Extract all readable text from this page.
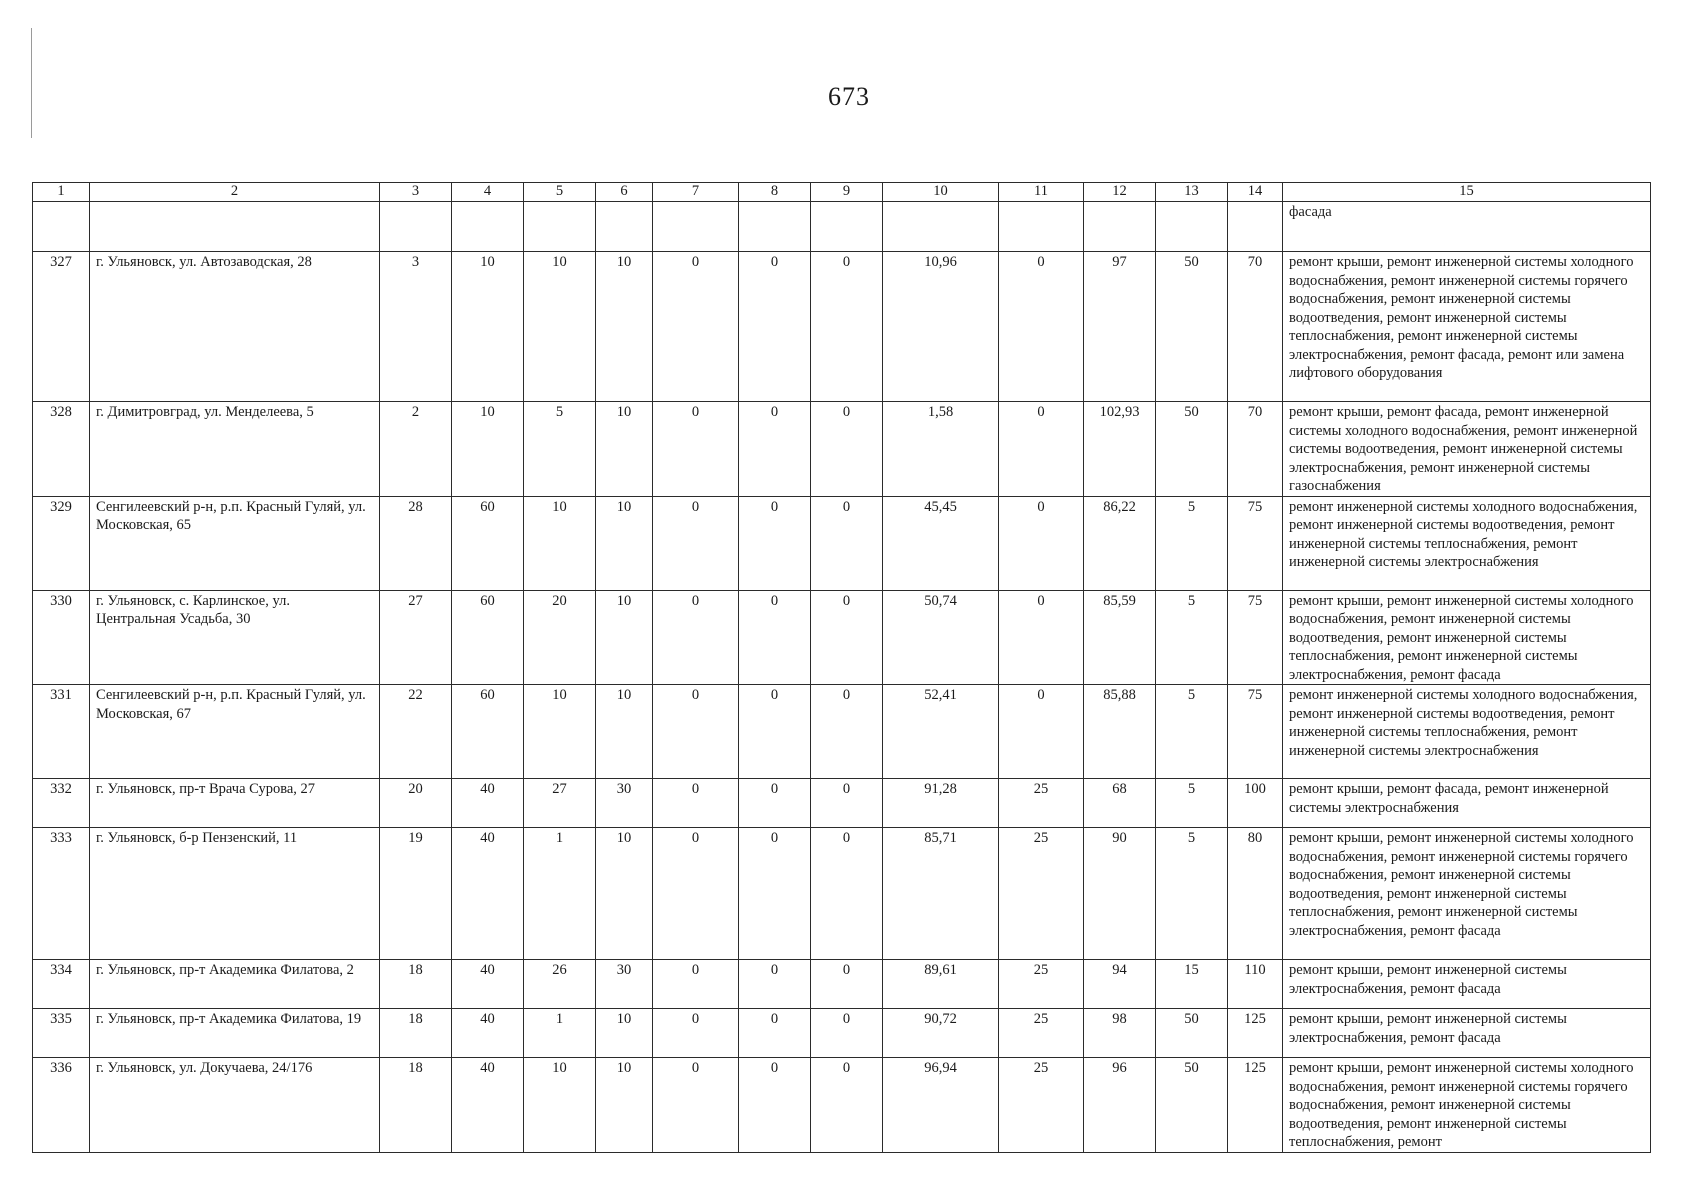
673
1	2	3	4	5	6	7	8	9	10	11	12	13	14	15
														фасада
327	г. Ульяновск, ул. Автозаводская, 28	3	10	10	10	0	0	0	10,96	0	97	50	70	ремонт крыши, ремонт инженерной системы холодного водоснабжения, ремонт инженерной системы горячего водоснабжения, ремонт инженерной системы водоотведения, ремонт инженерной системы теплоснабжения, ремонт инженерной системы электроснабжения, ремонт фасада, ремонт или замена лифтового оборудования
328	г. Димитровград, ул. Менделеева, 5	2	10	5	10	0	0	0	1,58	0	102,93	50	70	ремонт крыши, ремонт фасада, ремонт инженерной системы холодного водоснабжения, ремонт инженерной системы водоотведения, ремонт инженерной системы электроснабжения, ремонт инженерной системы газоснабжения
329	Сенгилеевский р-н, р.п. Красный Гуляй, ул. Московская, 65	28	60	10	10	0	0	0	45,45	0	86,22	5	75	ремонт инженерной системы холодного водоснабжения, ремонт инженерной системы водоотведения, ремонт инженерной системы теплоснабжения, ремонт инженерной системы электроснабжения
330	г. Ульяновск, с. Карлинское, ул. Центральная Усадьба, 30	27	60	20	10	0	0	0	50,74	0	85,59	5	75	ремонт крыши, ремонт инженерной системы холодного водоснабжения, ремонт инженерной системы водоотведения, ремонт инженерной системы теплоснабжения, ремонт инженерной системы электроснабжения, ремонт фасада
331	Сенгилеевский р-н, р.п. Красный Гуляй, ул. Московская, 67	22	60	10	10	0	0	0	52,41	0	85,88	5	75	ремонт инженерной системы холодного водоснабжения, ремонт инженерной системы водоотведения, ремонт инженерной системы теплоснабжения, ремонт инженерной системы электроснабжения
332	г. Ульяновск, пр-т Врача Сурова, 27	20	40	27	30	0	0	0	91,28	25	68	5	100	ремонт крыши, ремонт фасада, ремонт инженерной системы электроснабжения
333	г. Ульяновск, б-р Пензенский, 11	19	40	1	10	0	0	0	85,71	25	90	5	80	ремонт крыши, ремонт инженерной системы холодного водоснабжения, ремонт инженерной системы горячего водоснабжения, ремонт инженерной системы водоотведения, ремонт инженерной системы теплоснабжения, ремонт инженерной системы электроснабжения, ремонт фасада
334	г. Ульяновск, пр-т Академика Филатова, 2	18	40	26	30	0	0	0	89,61	25	94	15	110	ремонт крыши, ремонт инженерной системы электроснабжения, ремонт фасада
335	г. Ульяновск, пр-т Академика Филатова, 19	18	40	1	10	0	0	0	90,72	25	98	50	125	ремонт крыши, ремонт инженерной системы электроснабжения, ремонт фасада
336	г. Ульяновск, ул. Докучаева, 24/176	18	40	10	10	0	0	0	96,94	25	96	50	125	ремонт крыши, ремонт инженерной системы холодного водоснабжения, ремонт инженерной системы горячего водоснабжения, ремонт инженерной системы водоотведения, ремонт инженерной системы теплоснабжения, ремонт
